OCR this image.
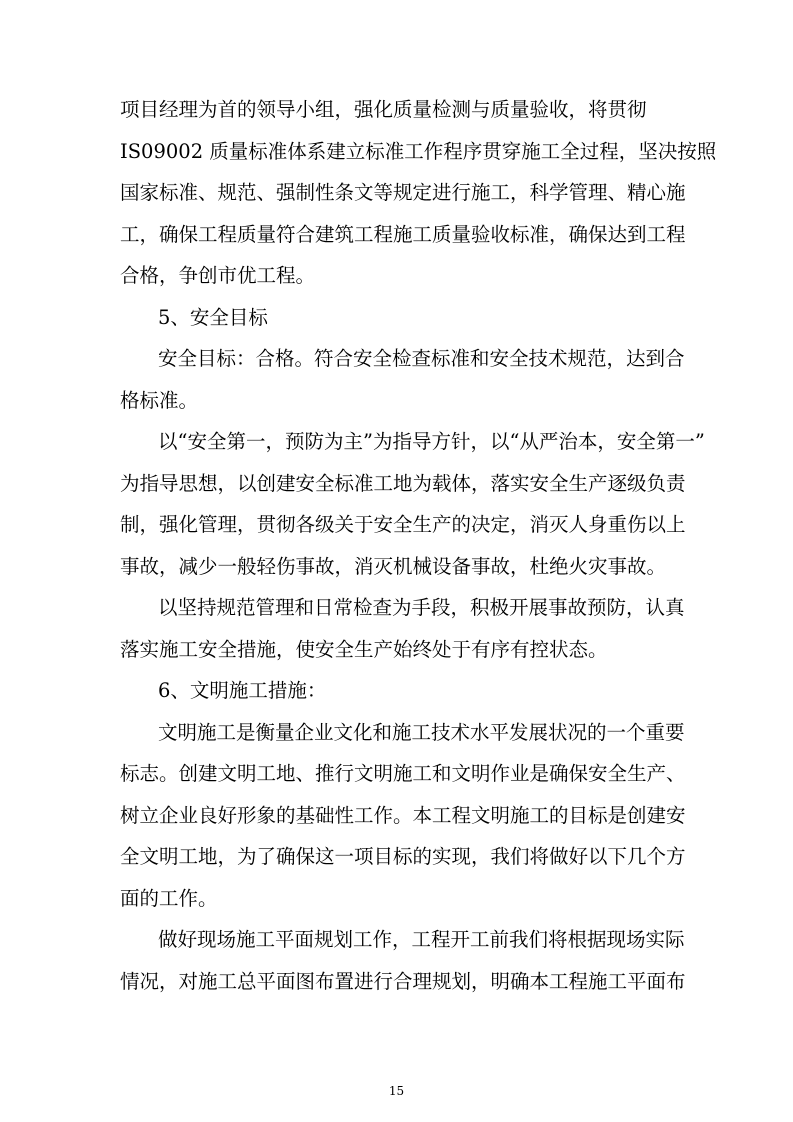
项目经理为首的领导小组，强化质量检测与质量验收，将贯彻

IS09002 质量标准体系建立标准工作程序贯穿施工全过程，坚决按照

国家标准、规范、强制性条文等规定进行施工，科学管理、精心施

工，确保工程质量符合建筑工程施工质量验收标准，确保达到工程

合格，争创市优工程。

5、安全目标

安全目标：合格。符合安全检查标准和安全技术规范，达到合

格标准。

以“安全第一，预防为主”为指导方针，以“从严治本，安全第一”

为指导思想，以创建安全标准工地为载体，落实安全生产逐级负责

制，强化管理，贯彻各级关于安全生产的决定，消灭人身重伤以上

事故，减少一般轻伤事故，消灭机械设备事故，杜绝火灾事故。

以坚持规范管理和日常检查为手段，积极开展事故预防，认真

落实施工安全措施，使安全生产始终处于有序有控状态。

6、文明施工措施：

文明施工是衡量企业文化和施工技术水平发展状况的一个重要

标志。创建文明工地、推行文明施工和文明作业是确保安全生产、

树立企业良好形象的基础性工作。本工程文明施工的目标是创建安

全文明工地，为了确保这一项目标的实现，我们将做好以下几个方

面的工作。

做好现场施工平面规划工作，工程开工前我们将根据现场实际

情况，对施工总平面图布置进行合理规划，明确本工程施工平面布

15
